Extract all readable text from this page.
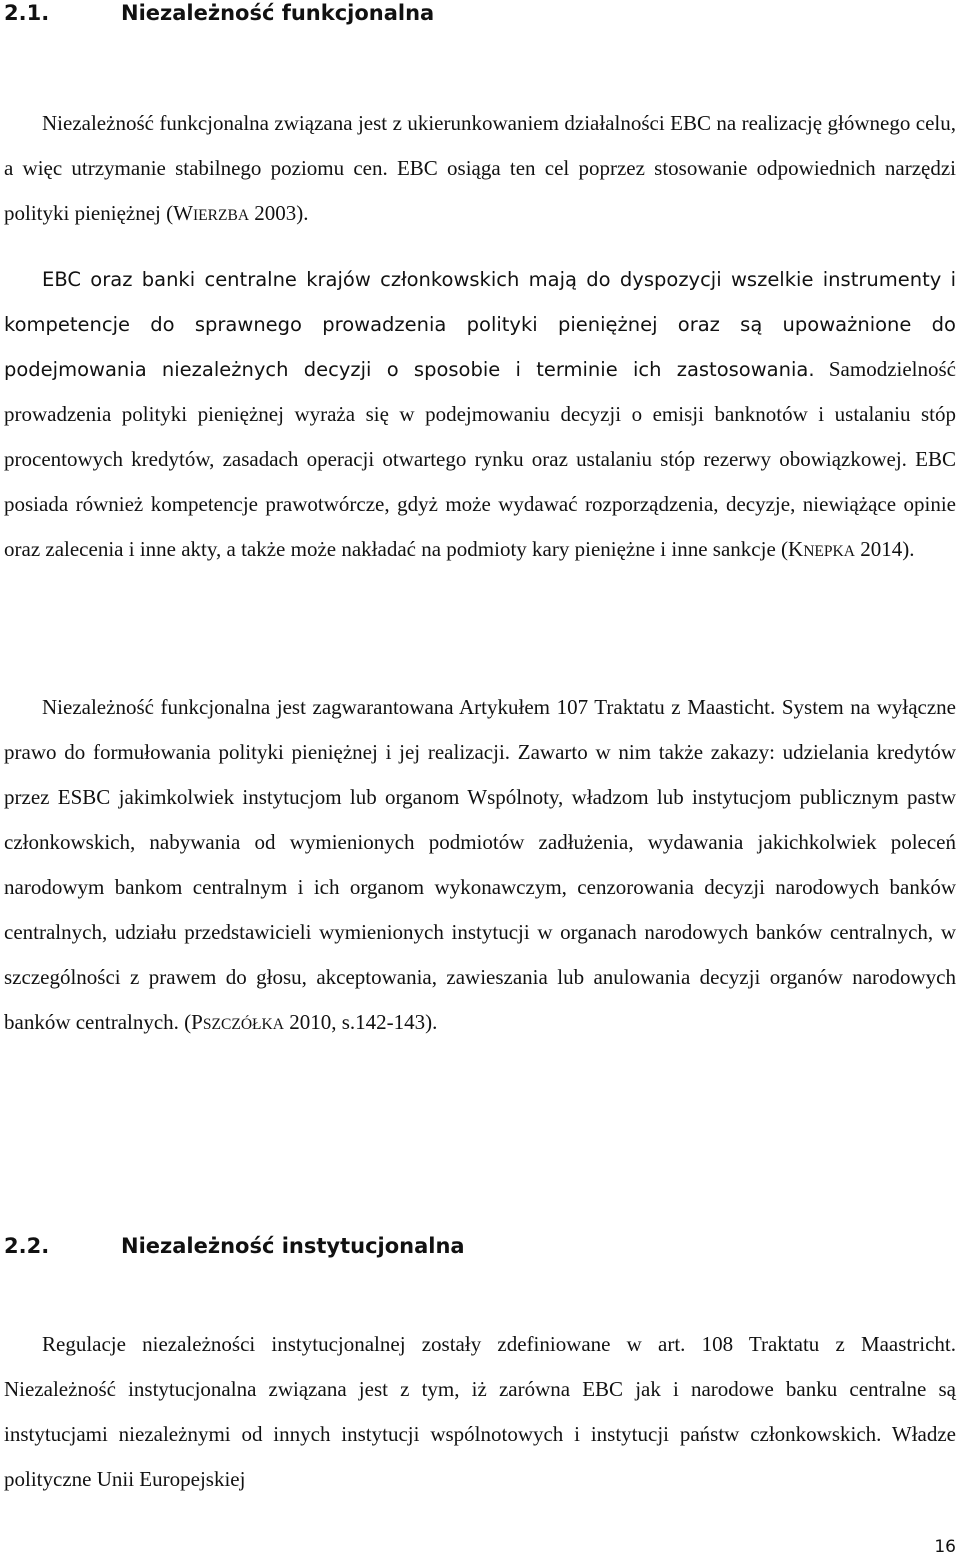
2.1.	Niezależność funkcjonalna

Niezależność funkcjonalna związana jest z ukierunkowaniem działalności EBC na realizację głównego celu, a więc utrzymanie stabilnego poziomu cen. EBC osiąga ten cel poprzez stosowanie odpowiednich narzędzi polityki pieniężnej (WIERZBA 2003).

EBC oraz banki centralne krajów członkowskich mają do dyspozycji wszelkie instrumenty i kompetencje do sprawnego prowadzenia polityki pieniężnej oraz są upoważnione do podejmowania niezależnych decyzji o sposobie i terminie ich zastosowania. Samodzielność prowadzenia polityki pieniężnej wyraża się w podejmowaniu decyzji o emisji banknotów i ustalaniu stóp procentowych kredytów, zasadach operacji otwartego rynku oraz ustalaniu stóp rezerwy obowiązkowej. EBC posiada również kompetencje prawotwórcze, gdyż może wydawać rozporządzenia, decyzje, niewiążące opinie oraz zalecenia i inne akty, a także może nakładać na podmioty kary pieniężne i inne sankcje (KNEPKA 2014).

Niezależność funkcjonalna jest zagwarantowana Artykułem 107 Traktatu z Maasticht. System na wyłączne prawo do formułowania polityki pieniężnej i jej realizacji. Zawarto w nim także zakazy: udzielania kredytów przez ESBC jakimkolwiek instytucjom lub organom Wspólnoty, władzom lub instytucjom publicznym pastw członkowskich, nabywania od wymienionych podmiotów zadłużenia, wydawania jakichkolwiek poleceń narodowym bankom centralnym i ich organom wykonawczym, cenzorowania decyzji narodowych banków centralnych, udziału przedstawicieli wymienionych instytucji w organach narodowych banków centralnych, w szczególności z prawem do głosu, akceptowania, zawieszania lub anulowania decyzji organów narodowych banków centralnych. (PSZCZÓŁKA 2010, s.142-143).

2.2.	Niezależność instytucjonalna

Regulacje niezależności instytucjonalnej zostały zdefiniowane w art. 108 Traktatu z Maastricht. Niezależność instytucjonalna związana jest z tym, iż zarówna EBC jak i narodowe banku centralne są instytucjami niezależnymi od innych instytucji wspólnotowych i instytucji państw członkowskich. Władze polityczne Unii Europejskiej

16
